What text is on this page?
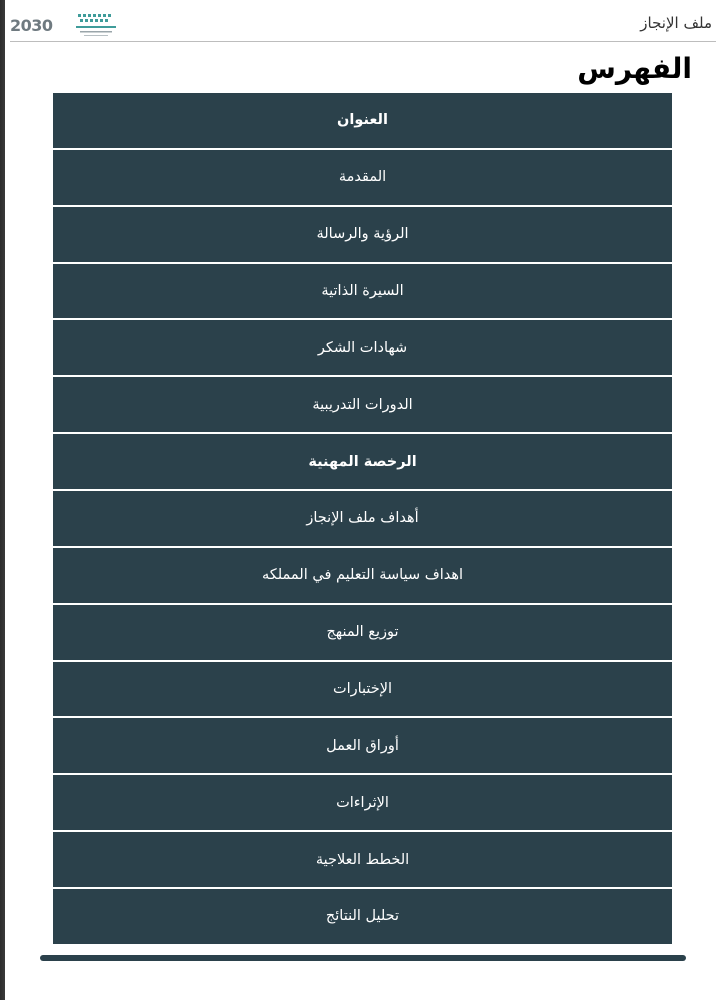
2030	ملف الإنجاز
الفهرس
العنوان
المقدمة
الرؤية والرسالة
السيرة الذاتية
شهادات الشكر
الدورات التدريبية
الرخصة المهنية
أهداف ملف الإنجاز
اهداف سياسة التعليم في المملكه
توزيع المنهج
الإختبارات
أوراق العمل
الإثراءات
الخطط العلاجية
تحليل النتائج
